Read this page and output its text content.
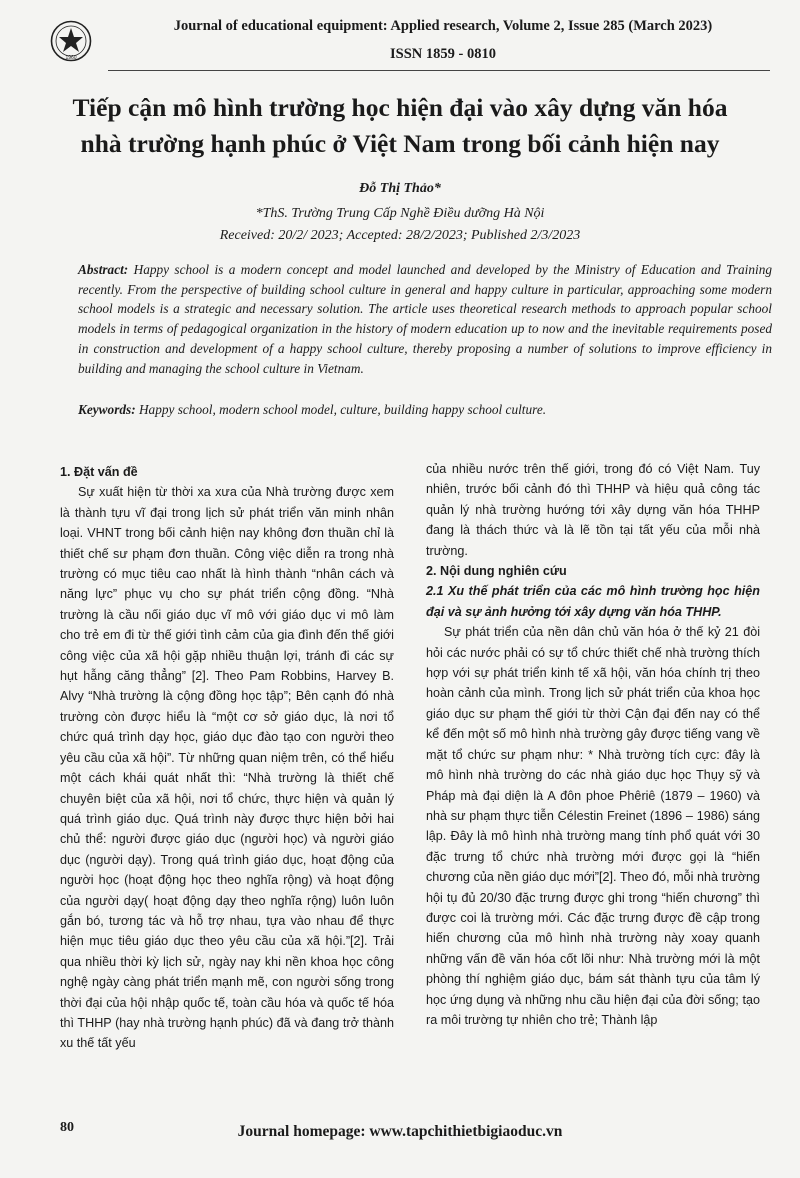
1960
Journal of educational equipment: Applied research, Volume 2, Issue 285 (March 2023)
ISSN 1859 - 0810
Tiếp cận mô hình trường học hiện đại vào xây dựng văn hóa
nhà trường hạnh phúc ở Việt Nam trong bối cảnh hiện nay
Đỗ Thị Thảo*
*ThS. Trường Trung Cấp Nghề Điều dưỡng Hà Nội
Received: 20/2/ 2023; Accepted: 28/2/2023; Published 2/3/2023
Abstract: Happy school is a modern concept and model launched and developed by the Ministry of Education and Training recently. From the perspective of building school culture in general and happy culture in particular, approaching some modern school models is a strategic and necessary solution. The article uses theoretical research methods to approach popular school models in terms of pedagogical organization in the history of modern education up to now and the inevitable requirements posed in construction and development of a happy school culture, thereby proposing a number of solutions to improve efficiency in building and managing the school culture in Vietnam.
Keywords: Happy school, modern school model, culture, building happy school culture.

1. Đặt vấn đề

Sự xuất hiện từ thời xa xưa của Nhà trường được xem là thành tựu vĩ đại trong lịch sử phát triển văn minh nhân loại. VHNT trong bối cảnh hiện nay không đơn thuần chỉ là thiết chế sư phạm đơn thuần. Công việc diễn ra trong nhà trường có mục tiêu cao nhất là hình thành “nhân cách và năng lực” phục vụ cho sự phát triển cộng đồng. “Nhà trường là cầu nối giáo dục vĩ mô với giáo dục vi mô làm cho trẻ em đi từ thế giới tình cảm của gia đình đến thế giới công việc của xã hội gặp nhiều thuận lợi, tránh đi các sự hụt hẫng căng thẳng” [2]. Theo Pam Robbins, Harvey B. Alvy “Nhà trường là cộng đồng học tập”; Bên cạnh đó nhà trường còn được hiểu là “một cơ sở giáo dục, là nơi tổ chức quá trình dạy học, giáo dục đào tạo con người theo yêu cầu của xã hội”. Từ những quan niệm trên, có thể hiểu một cách khái quát nhất thì: “Nhà trường là thiết chế chuyên biệt của xã hội, nơi tổ chức, thực hiện và quản lý quá trình giáo dục. Quá trình này được thực hiện bởi hai chủ thể: người được giáo dục (người học) và người giáo dục (người dạy). Trong quá trình giáo dục, hoạt động của người học (hoạt động học theo nghĩa rộng) và hoạt động của người dạy( hoạt động dạy theo nghĩa rộng) luôn luôn gắn bó, tương tác và hỗ trợ nhau, tựa vào nhau để thực hiện mục tiêu giáo dục theo yêu cầu của xã hội.”[2]. Trải qua nhiều thời kỳ lịch sử, ngày nay khi nền khoa học công nghệ ngày càng phát triển mạnh mẽ, con người sống trong thời đại của hội nhập quốc tế, toàn cầu hóa và quốc tế hóa thì THHP (hay nhà trường hạnh phúc) đã và đang trở thành xu thế tất yếu

của nhiều nước trên thế giới, trong đó có Việt Nam. Tuy nhiên, trước bối cảnh đó thì THHP và hiệu quả công tác quản lý nhà trường hướng tới xây dựng văn hóa THHP đang là thách thức và là lẽ tồn tại tất yếu của mỗi nhà trường.

2. Nội dung nghiên cứu

2.1 Xu thế phát triển của các mô hình trường học hiện đại và sự ảnh hưởng tới xây dựng văn hóa THHP.

Sự phát triển của nền dân chủ văn hóa ở thế kỷ 21 đòi hỏi các nước phải có sự tổ chức thiết chế nhà trường thích hợp với sự phát triển kinh tế xã hội, văn hóa chính trị theo hoàn cảnh của mình. Trong lịch sử phát triển của khoa học giáo dục sư phạm thế giới từ thời Cận đại đến nay có thể kể đến một số mô hình nhà trường gây được tiếng vang về mặt tổ chức sư phạm như: * Nhà trường tích cực: đây là mô hình nhà trường do các nhà giáo dục học Thụy sỹ và Pháp mà đại diện là A đôn phoe Phêriê (1879 – 1960) và nhà sư phạm thực tiễn Célestin Freinet (1896 – 1986) sáng lập. Đây là mô hình nhà trường mang tính phổ quát với 30 đặc trưng tổ chức nhà trường mới được gọi là “hiến chương của nền giáo dục mới”[2]. Theo đó, mỗi nhà trường hội tụ đủ 20/30 đặc trưng được ghi trong “hiến chương” thì được coi là trường mới. Các đặc trưng được đề cập trong hiến chương của mô hình nhà trường này xoay quanh những vấn đề văn hóa cốt lõi như: Nhà trường mới là một phòng thí nghiệm giáo dục, bám sát thành tựu của tâm lý học ứng dụng và những nhu cầu hiện đại của đời sống; tạo ra môi trường tự nhiên cho trẻ; Thành lập

80	Journal homepage: www.tapchithietbigiaoduc.vn
